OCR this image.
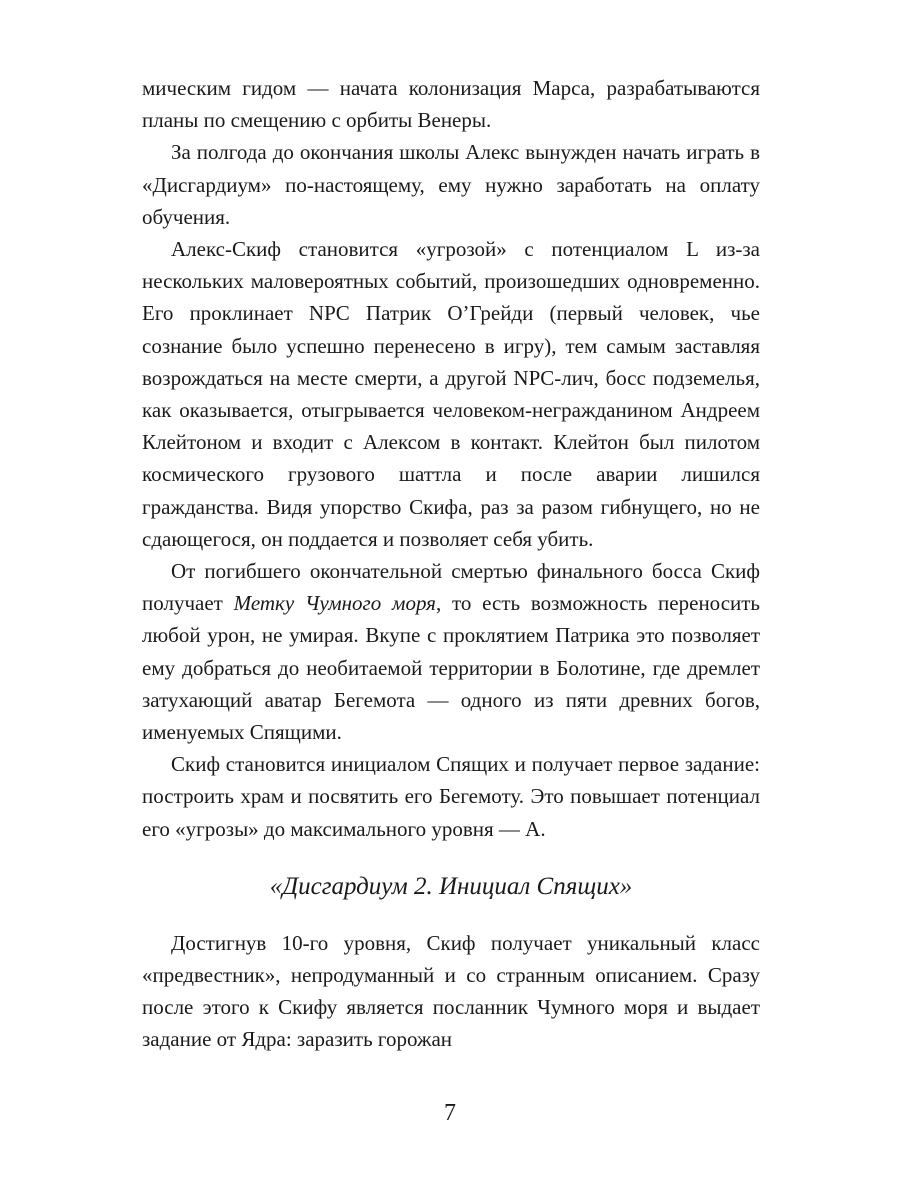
мическим гидом — начата колонизация Марса, разрабатываются планы по смещению с орбиты Венеры.

За полгода до окончания школы Алекс вынужден начать играть в «Дисгардиум» по-настоящему, ему нужно заработать на оплату обучения.

Алекс-Скиф становится «угрозой» с потенциалом L из-за нескольких маловероятных событий, произошедших одновременно. Его проклинает NPC Патрик О’Грейди (первый человек, чье сознание было успешно перенесено в игру), тем самым заставляя возрождаться на месте смерти, а другой NPC-лич, босс подземелья, как оказывается, отыгрывается человеком-негражданином Андреем Клейтоном и входит с Алексом в контакт. Клейтон был пилотом космического грузового шаттла и после аварии лишился гражданства. Видя упорство Скифа, раз за разом гибнущего, но не сдающегося, он поддается и позволяет себя убить.

От погибшего окончательной смертью финального босса Скиф получает Метку Чумного моря, то есть возможность переносить любой урон, не умирая. Вкупе с проклятием Патрика это позволяет ему добраться до необитаемой территории в Болотине, где дремлет затухающий аватар Бегемота — одного из пяти древних богов, именуемых Спящими.

Скиф становится инициалом Спящих и получает первое задание: построить храм и посвятить его Бегемоту. Это повышает потенциал его «угрозы» до максимального уровня — A.

«Дисгардиум 2. Инициал Спящих»

Достигнув 10-го уровня, Скиф получает уникальный класс «предвестник», непродуманный и со странным описанием. Сразу после этого к Скифу является посланник Чумного моря и выдает задание от Ядра: заразить горожан

7
